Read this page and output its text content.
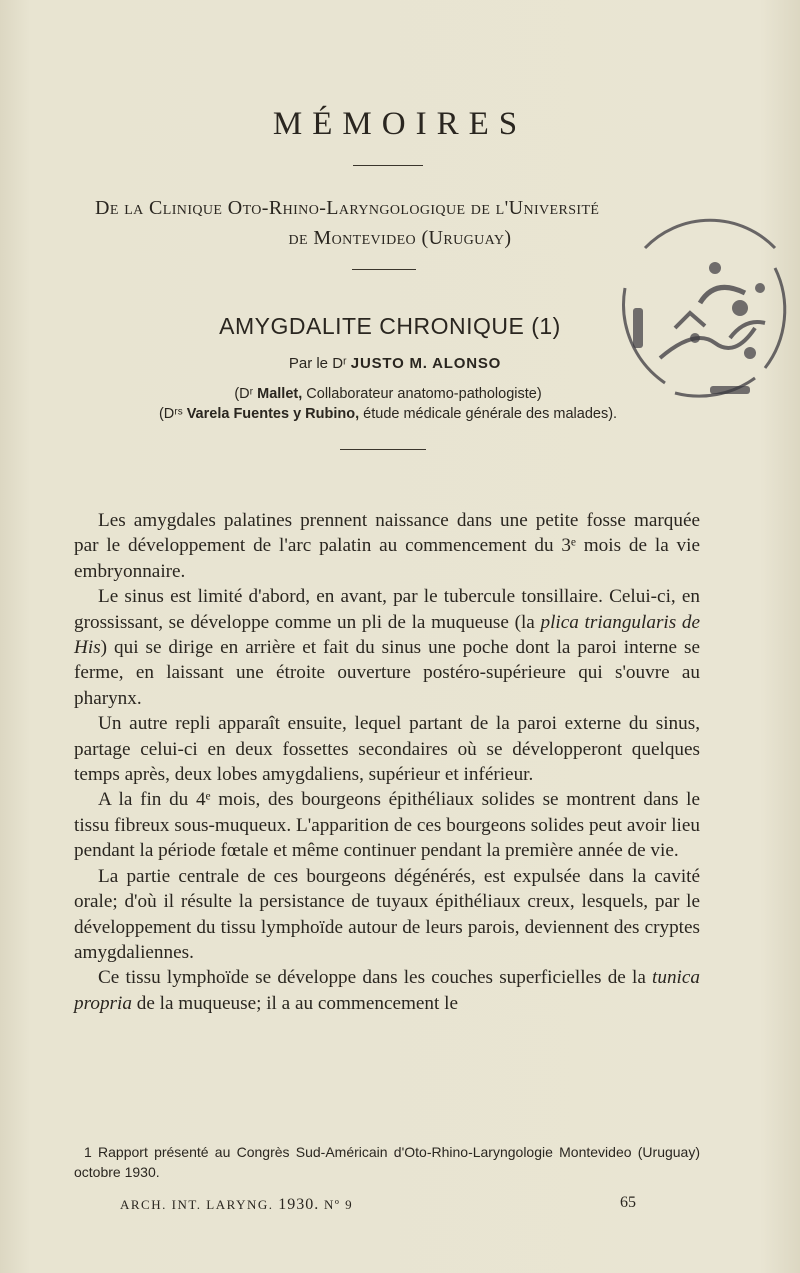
MÉMOIRES
De la Clinique Oto-Rhino-Laryngologique de l'Université
de Montevideo (Uruguay)
AMYGDALITE CHRONIQUE (1)
Par le Dʳ JUSTO M. ALONSO
(Dʳ Mallet, Collaborateur anatomo-pathologiste)
(Dʳˢ Varela Fuentes y Rubino, étude médicale générale des malades).

Les amygdales palatines prennent naissance dans une petite fosse marquée par le développement de l'arc palatin au commencement du 3ᵉ mois de la vie embryonnaire.

Le sinus est limité d'abord, en avant, par le tubercule tonsillaire. Celui-ci, en grossissant, se développe comme un pli de la muqueuse (la plica triangularis de His) qui se dirige en arrière et fait du sinus une poche dont la paroi interne se ferme, en laissant une étroite ouverture postéro-supérieure qui s'ouvre au pharynx.

Un autre repli apparaît ensuite, lequel partant de la paroi externe du sinus, partage celui-ci en deux fossettes secondaires où se développeront quelques temps après, deux lobes amygdaliens, supérieur et inférieur.

A la fin du 4ᵉ mois, des bourgeons épithéliaux solides se montrent dans le tissu fibreux sous-muqueux. L'apparition de ces bourgeons solides peut avoir lieu pendant la période fœtale et même continuer pendant la première année de vie.

La partie centrale de ces bourgeons dégénérés, est expulsée dans la cavité orale; d'où il résulte la persistance de tuyaux épithéliaux creux, lesquels, par le développement du tissu lymphoïde autour de leurs parois, deviennent des cryptes amygdaliennes.

Ce tissu lymphoïde se développe dans les couches superficielles de la tunica propria de la muqueuse; il a au commencement le

1 Rapport présenté au Congrès Sud-Américain d'Oto-Rhino-Laryngologie Montevideo (Uruguay) octobre 1930.

ARCH. INT. LARYNG. 1930. Nº 9	65
